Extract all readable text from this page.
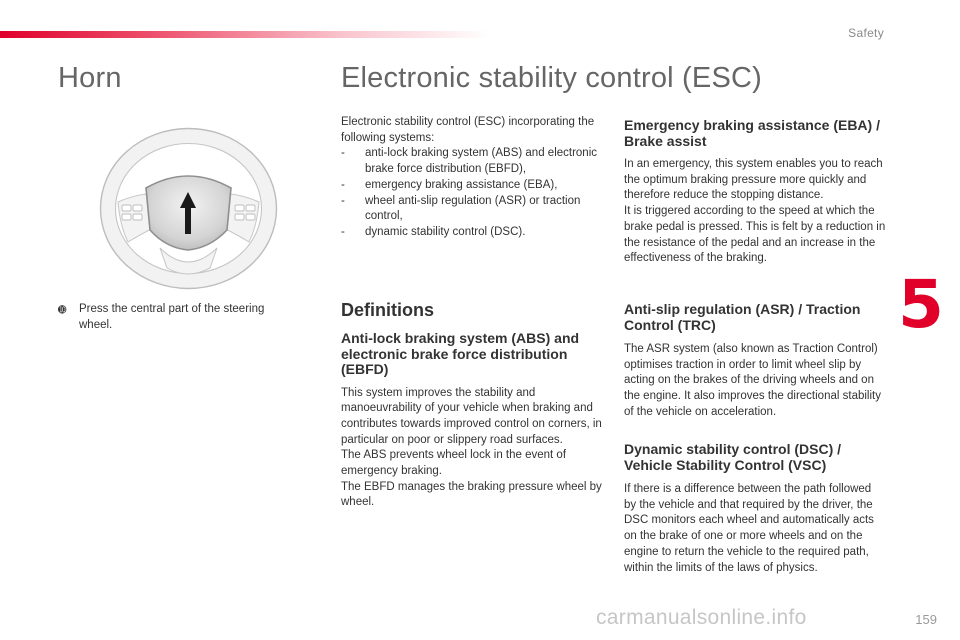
Safety
5
Horn	Electronic stability control (ESC)
➓	Press the central part of the steering wheel.

Electronic stability control (ESC) incorporating the following systems:

-	anti-lock braking system (ABS) and electronic brake force distribution (EBFD),
-	emergency braking assistance (EBA),
-	wheel anti-slip regulation (ASR) or traction control,
-	dynamic stability control (DSC).
Definitions
Anti-lock braking system (ABS) and electronic brake force distribution (EBFD)

This system improves the stability and manoeuvrability of your vehicle when braking and contributes towards improved control on corners, in particular on poor or slippery road surfaces.

The ABS prevents wheel lock in the event of emergency braking.

The EBFD manages the braking pressure wheel by wheel.

Emergency braking assistance (EBA) / Brake assist

In an emergency, this system enables you to reach the optimum braking pressure more quickly and therefore reduce the stopping distance.

It is triggered according to the speed at which the brake pedal is pressed. This is felt by a reduction in the resistance of the pedal and an increase in the effectiveness of the braking.

Anti-slip regulation (ASR) / Traction Control (TRC)

The ASR system (also known as Traction Control) optimises traction in order to limit wheel slip by acting on the brakes of the driving wheels and on the engine. It also improves the directional stability of the vehicle on acceleration.

Dynamic stability control (DSC) / Vehicle Stability Control (VSC)

If there is a difference between the path followed by the vehicle and that required by the driver, the DSC monitors each wheel and automatically acts on the brake of one or more wheels and on the engine to return the vehicle to the required path, within the limits of the laws of physics.

carmanualsonline.info	159
